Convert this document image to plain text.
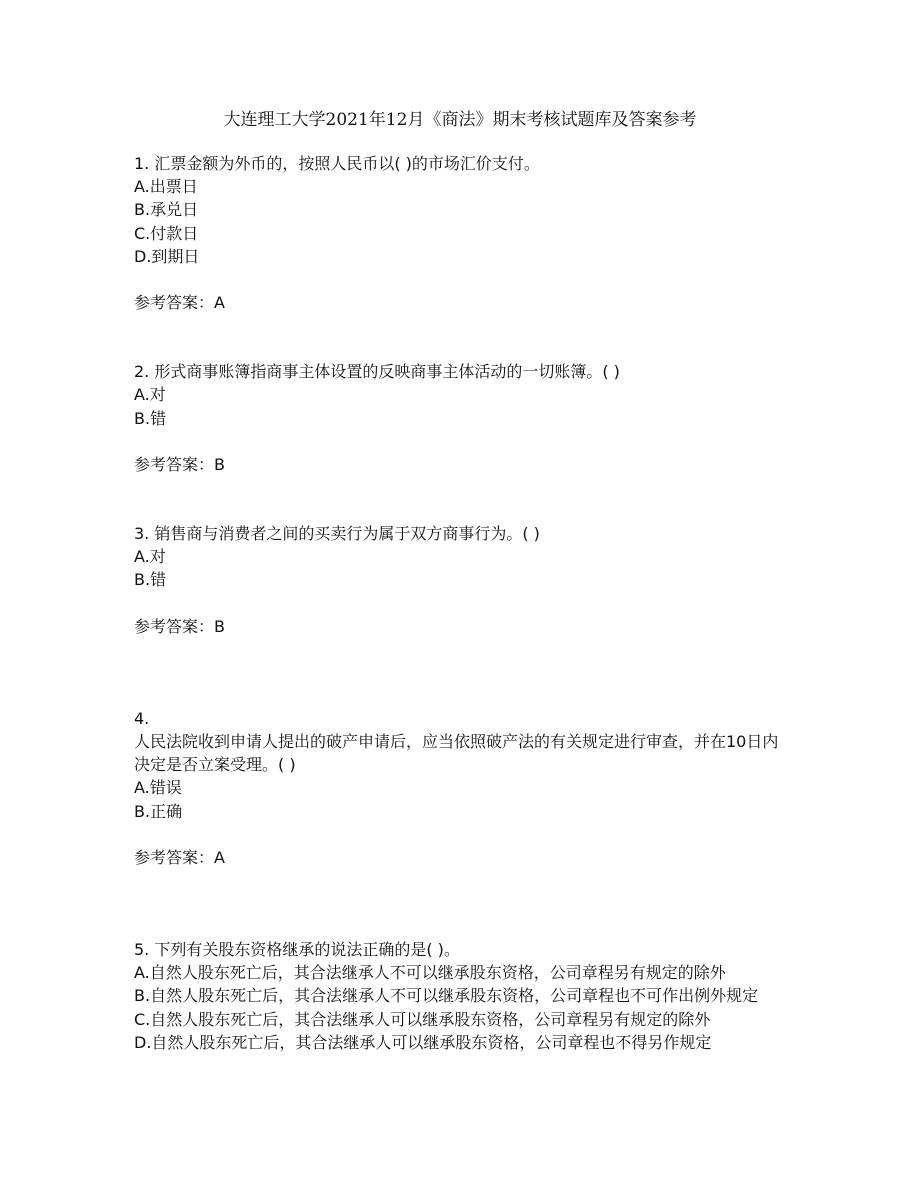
大连理工大学2021年12月《商法》期末考核试题库及答案参考
1. 汇票金额为外币的，按照人民币以( )的市场汇价支付。
A.出票日
B.承兑日
C.付款日
D.到期日
参考答案：A
2. 形式商事账簿指商事主体设置的反映商事主体活动的一切账簿。( )
A.对
B.错
参考答案：B
3. 销售商与消费者之间的买卖行为属于双方商事行为。( )
A.对
B.错
参考答案：B
4.
人民法院收到申请人提出的破产申请后，应当依照破产法的有关规定进行审查，并在10日内决定是否立案受理。( )
A.错误
B.正确
参考答案：A
5. 下列有关股东资格继承的说法正确的是( )。
A.自然人股东死亡后，其合法继承人不可以继承股东资格，公司章程另有规定的除外
B.自然人股东死亡后，其合法继承人不可以继承股东资格，公司章程也不可作出例外规定
C.自然人股东死亡后，其合法继承人可以继承股东资格，公司章程另有规定的除外
D.自然人股东死亡后，其合法继承人可以继承股东资格，公司章程也不得另作规定
